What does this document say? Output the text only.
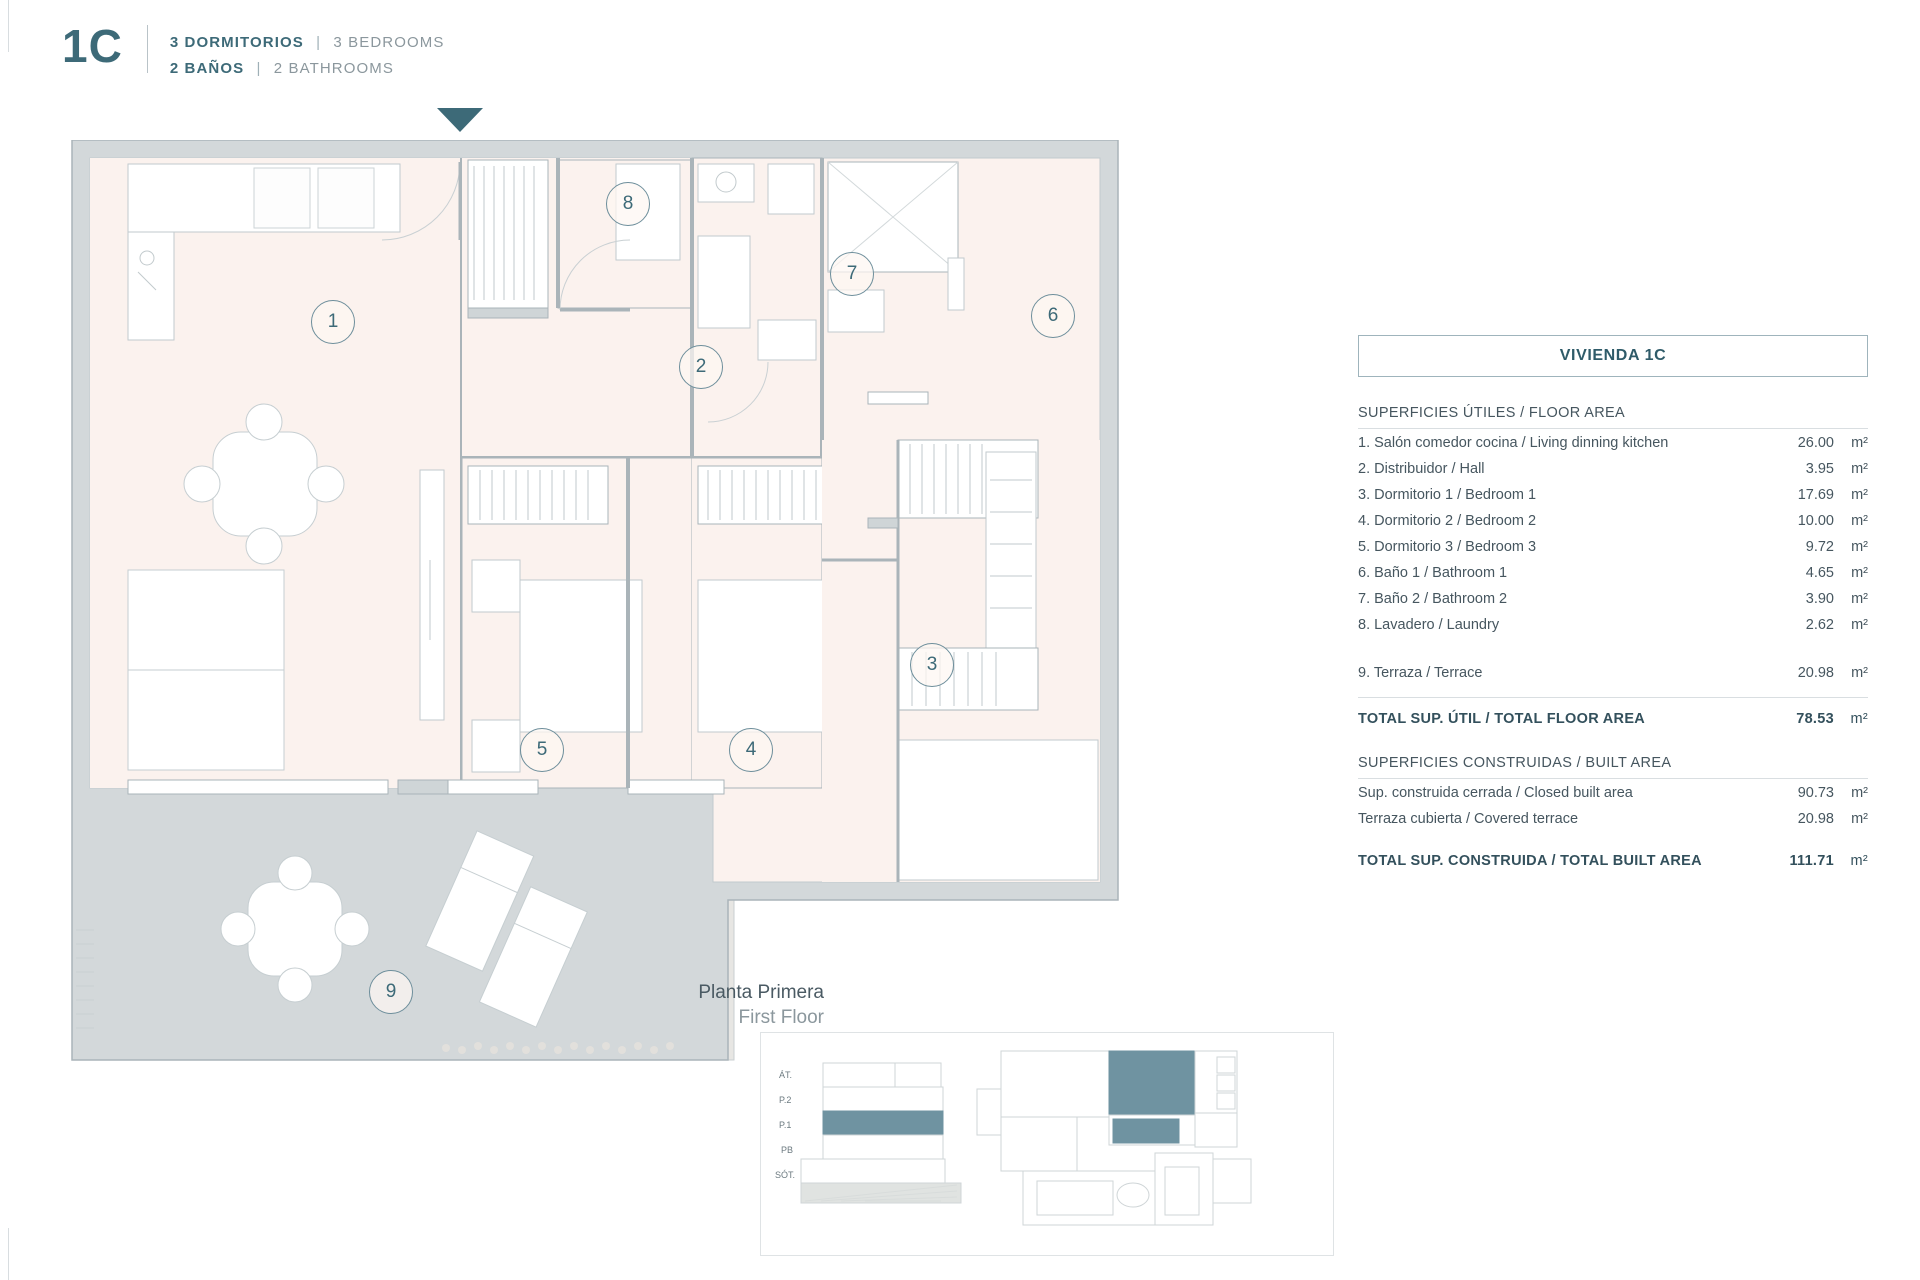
1C	3 DORMITORIOS | 3 BEDROOMS
2 BAÑOS | 2 BATHROOMS
1
2
3
4
5
6
7
8
9	Planta Primera
First Floor
ÁT.
P.2
P.1
PB
SÓT.
VIVIENDA 1C
SUPERFICIES ÚTILES / FLOOR AREA
1. Salón comedor cocina / Living dinning kitchen	26.00	m²
2. Distribuidor / Hall	3.95	m²
3. Dormitorio 1 / Bedroom 1	17.69	m²
4. Dormitorio 2 / Bedroom 2	10.00	m²
5. Dormitorio 3 / Bedroom 3	9.72	m²
6. Baño 1 / Bathroom 1	4.65	m²
7. Baño 2 / Bathroom 2	3.90	m²
8. Lavadero / Laundry	2.62	m²
9. Terraza / Terrace	20.98	m²
TOTAL SUP. ÚTIL / TOTAL FLOOR AREA	78.53	m²
SUPERFICIES CONSTRUIDAS / BUILT AREA
Sup. construida cerrada / Closed built area	90.73	m²
Terraza cubierta / Covered terrace	20.98	m²
TOTAL SUP. CONSTRUIDA / TOTAL BUILT AREA	111.71	m²
